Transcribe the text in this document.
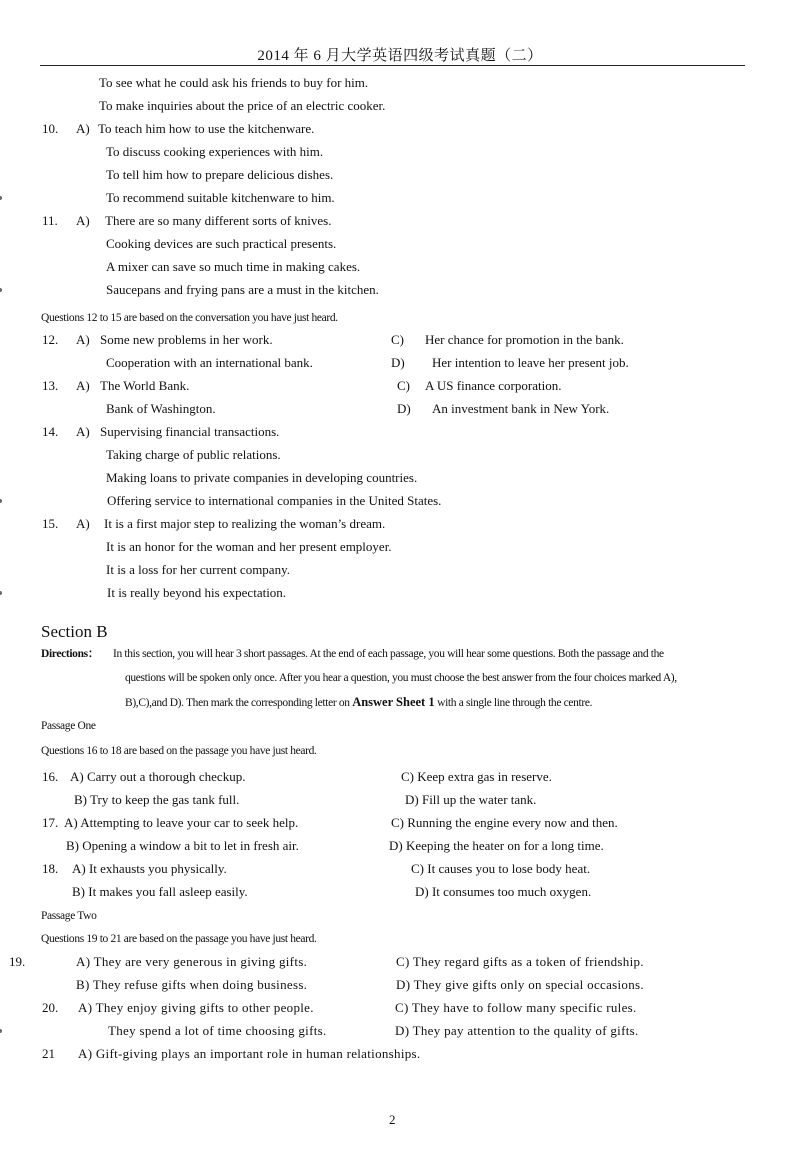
2014 年 6 月大学英语四级考试真题（二）
To see what he could ask his friends to buy for him.
To make inquiries about the price of an electric cooker.
10. A) To teach him how to use the kitchenware.
To discuss cooking experiences with him.
To tell him how to prepare delicious dishes.
To recommend suitable kitchenware to him.
11. A) There are so many different sorts of knives.
Cooking devices are such practical presents.
A mixer can save so much time in making cakes.
Saucepans and frying pans are a must in the kitchen.
Questions 12 to 15 are based on the conversation you have just heard.
12. A) Some new problems in her work.	C) Her chance for promotion in the bank.
Cooperation with an international bank.	D) Her intention to leave her present job.
13. A) The World Bank.	C) A US finance corporation.
Bank of Washington.	D) An investment bank in New York.
14. A) Supervising financial transactions.
Taking charge of public relations.
Making loans to private companies in developing countries.
Offering service to international companies in the United States.
15. A) It is a first major step to realizing the woman’s dream.
It is an honor for the woman and her present employer.
It is a loss for her current company.
It is really beyond his expectation.
Section B
Directions： In this section, you will hear 3 short passages. At the end of each passage, you will hear some questions. Both the passage and the
questions will be spoken only once. After you hear a question, you must choose the best answer from the four choices marked A),
B),C),and D). Then mark the corresponding letter on Answer Sheet 1 with a single line through the centre.
Passage One
Questions 16 to 18 are based on the passage you have just heard.
16. A) Carry out a thorough checkup.	C) Keep extra gas in reserve.
B) Try to keep the gas tank full.	D) Fill up the water tank.
17. A) Attempting to leave your car to seek help.	C) Running the engine every now and then.
B) Opening a window a bit to let in fresh air.	D) Keeping the heater on for a long time.
18. A) It exhausts you physically.	C) It causes you to lose body heat.
B) It makes you fall asleep easily.	D) It consumes too much oxygen.
Passage Two
Questions 19 to 21 are based on the passage you have just heard.
19.	A) They are very generous in giving gifts.	C) They regard gifts as a token of friendship.
B) They refuse gifts when doing business.	D) They give gifts only on special occasions.
20. A) They enjoy giving gifts to other people.	C) They have to follow many specific rules.
They spend a lot of time choosing gifts.	D) They pay attention to the quality of gifts.
21 A) Gift-giving plays an important role in human relationships.
2
